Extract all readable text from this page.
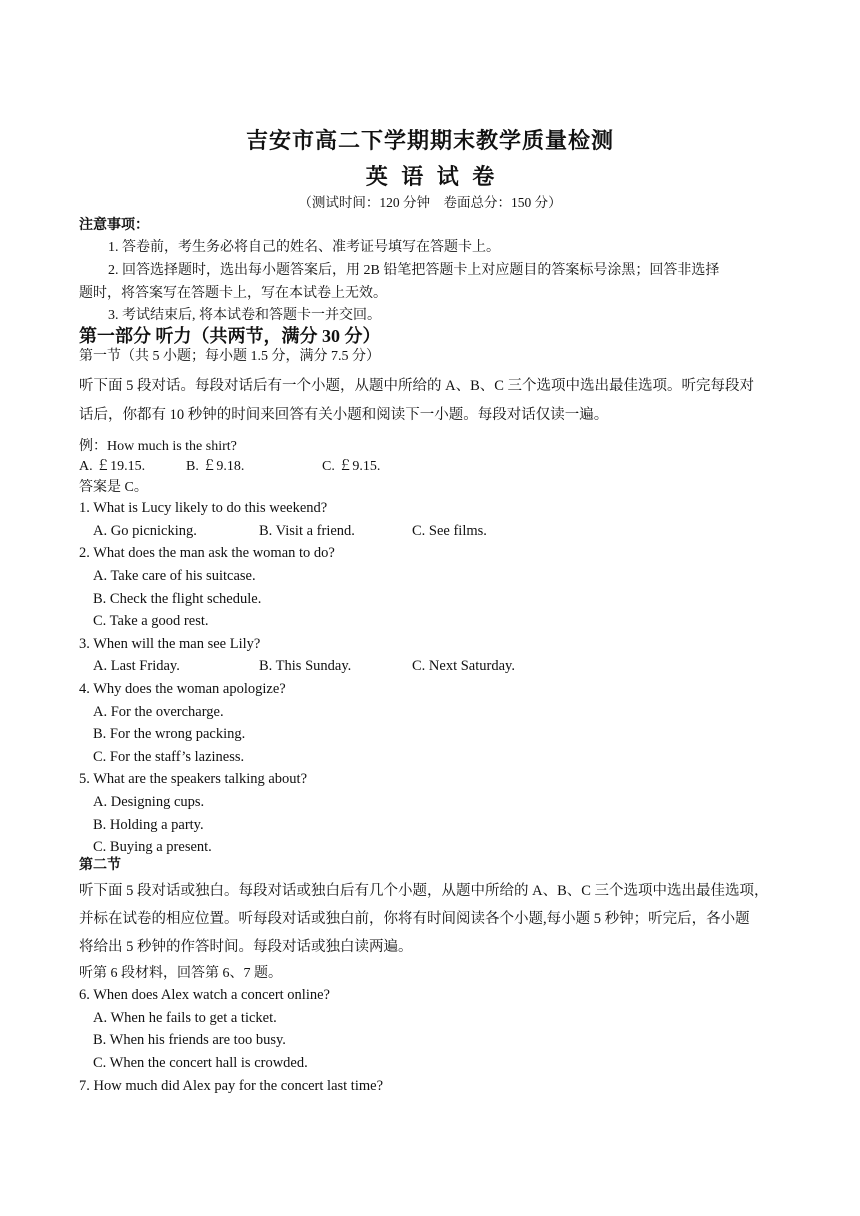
吉安市高二下学期期末教学质量检测
英 语 试 卷
（测试时间：120 分钟　卷面总分：150 分）
注意事项：
1. 答卷前，考生务必将自己的姓名、准考证号填写在答题卡上。
2. 回答选择题时，选出每小题答案后，用 2B 铅笔把答题卡上对应题目的答案标号涂黑；回答非选择
题时，将答案写在答题卡上，写在本试卷上无效。
3. 考试结束后, 将本试卷和答题卡一并交回。
第一部分 听力（共两节，满分 30 分）
第一节（共 5 小题；每小题 1.5 分，满分 7.5 分）
听下面 5 段对话。每段对话后有一个小题，从题中所给的 A、B、C 三个选项中选出最佳选项。听完每段对
话后，你都有 10 秒钟的时间来回答有关小题和阅读下一小题。每段对话仅读一遍。
例：How much is the shirt?
A. ￡19.15.	B. ￡9.18.	C. ￡9.15.
答案是 C。
1. What is Lucy likely to do this weekend?
A. Go picnicking.	B. Visit a friend.	C. See films.
2. What does the man ask the woman to do?
A. Take care of his suitcase.
B. Check the flight schedule.
C. Take a good rest.
3. When will the man see Lily?
A. Last Friday.	B. This Sunday.	C. Next Saturday.
4. Why does the woman apologize?
A. For the overcharge.
B. For the wrong packing.
C. For the staff’s laziness.
5. What are the speakers talking about?
A. Designing cups.
B. Holding a party.
C. Buying a present.
第二节
听下面 5 段对话或独白。每段对话或独白后有几个小题，从题中所给的 A、B、C 三个选项中选出最佳选项，
并标在试卷的相应位置。听每段对话或独白前，你将有时间阅读各个小题,每小题 5 秒钟；听完后，各小题
将给出 5 秒钟的作答时间。每段对话或独白读两遍。
听第 6 段材料，回答第 6、7 题。
6. When does Alex watch a concert online?
A. When he fails to get a ticket.
B. When his friends are too busy.
C. When the concert hall is crowded.
7. How much did Alex pay for the concert last time?
